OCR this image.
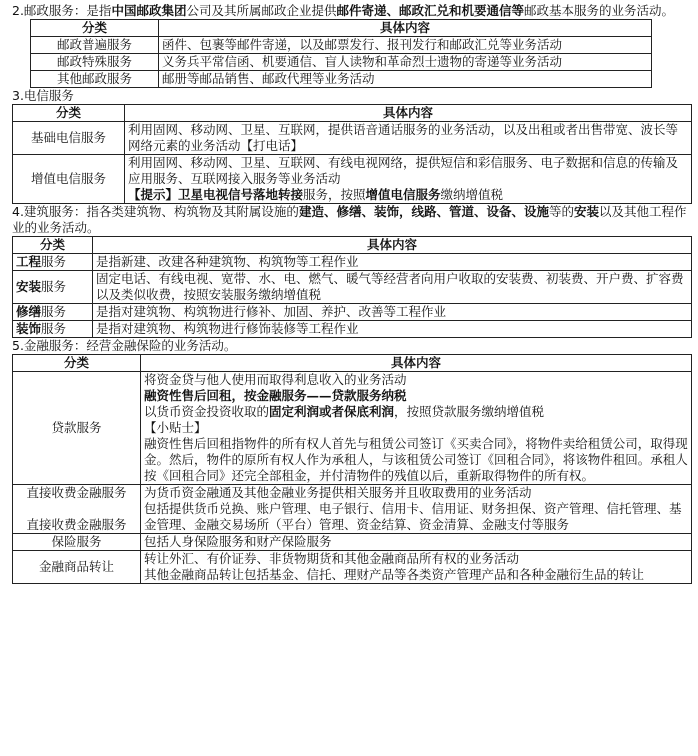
2.邮政服务：是指中国邮政集团公司及其所属邮政企业提供邮件寄递、邮政汇兑和机要通信等邮政基本服务的业务活动。

分类	具体内容
邮政普遍服务	函件、包裹等邮件寄递，以及邮票发行、报刊发行和邮政汇兑等业务活动
邮政特殊服务	义务兵平常信函、机要通信、盲人读物和革命烈士遗物的寄递等业务活动
其他邮政服务	邮册等邮品销售、邮政代理等业务活动

3.电信服务

分类	具体内容
基础电信服务	利用固网、移动网、卫星、互联网，提供语音通话服务的业务活动，以及出租或者出售带宽、波长等网络元素的业务活动【打电话】
增值电信服务	利用固网、移动网、卫星、互联网、有线电视网络，提供短信和彩信服务、电子数据和信息的传输及应用服务、互联网接入服务等业务活动
【提示】卫星电视信号落地转接服务，按照增值电信服务缴纳增值税

4.建筑服务：指各类建筑物、构筑物及其附属设施的建造、修缮、装饰，线路、管道、设备、设施等的安装以及其他工程作业的业务活动。

分类	具体内容
工程服务	是指新建、改建各种建筑物、构筑物等工程作业
安装服务	固定电话、有线电视、宽带、水、电、燃气、暖气等经营者向用户收取的安装费、初装费、开户费、扩容费以及类似收费，按照安装服务缴纳增值税
修缮服务	是指对建筑物、构筑物进行修补、加固、养护、改善等工程作业
装饰服务	是指对建筑物、构筑物进行修饰装修等工程作业

5.金融服务：经营金融保险的业务活动。

分类	具体内容
贷款服务	将资金贷与他人使用而取得利息收入的业务活动
融资性售后回租，按金融服务——贷款服务纳税
以货币资金投资收取的固定利润或者保底利润，按照贷款服务缴纳增值税
【小贴士】
融资性售后回租指物件的所有权人首先与租赁公司签订《买卖合同》，将物件卖给租赁公司，取得现金。然后，物件的原所有权人作为承租人，与该租赁公司签订《回租合同》，将该物件租回。承租人按《回租合同》还完全部租金，并付清物件的残值以后，重新取得物件的所有权。

直接收费金融服务
直接收费金融服务	为货币资金融通及其他金融业务提供相关服务并且收取费用的业务活动
包括提供货币兑换、账户管理、电子银行、信用卡、信用证、财务担保、资产管理、信托管理、基金管理、金融交易场所（平台）管理、资金结算、资金清算、金融支付等服务

保险服务	包括人身保险服务和财产保险服务
金融商品转让	转让外汇、有价证券、非货物期货和其他金融商品所有权的业务活动
其他金融商品转让包括基金、信托、理财产品等各类资产管理产品和各种金融衍生品的转让
